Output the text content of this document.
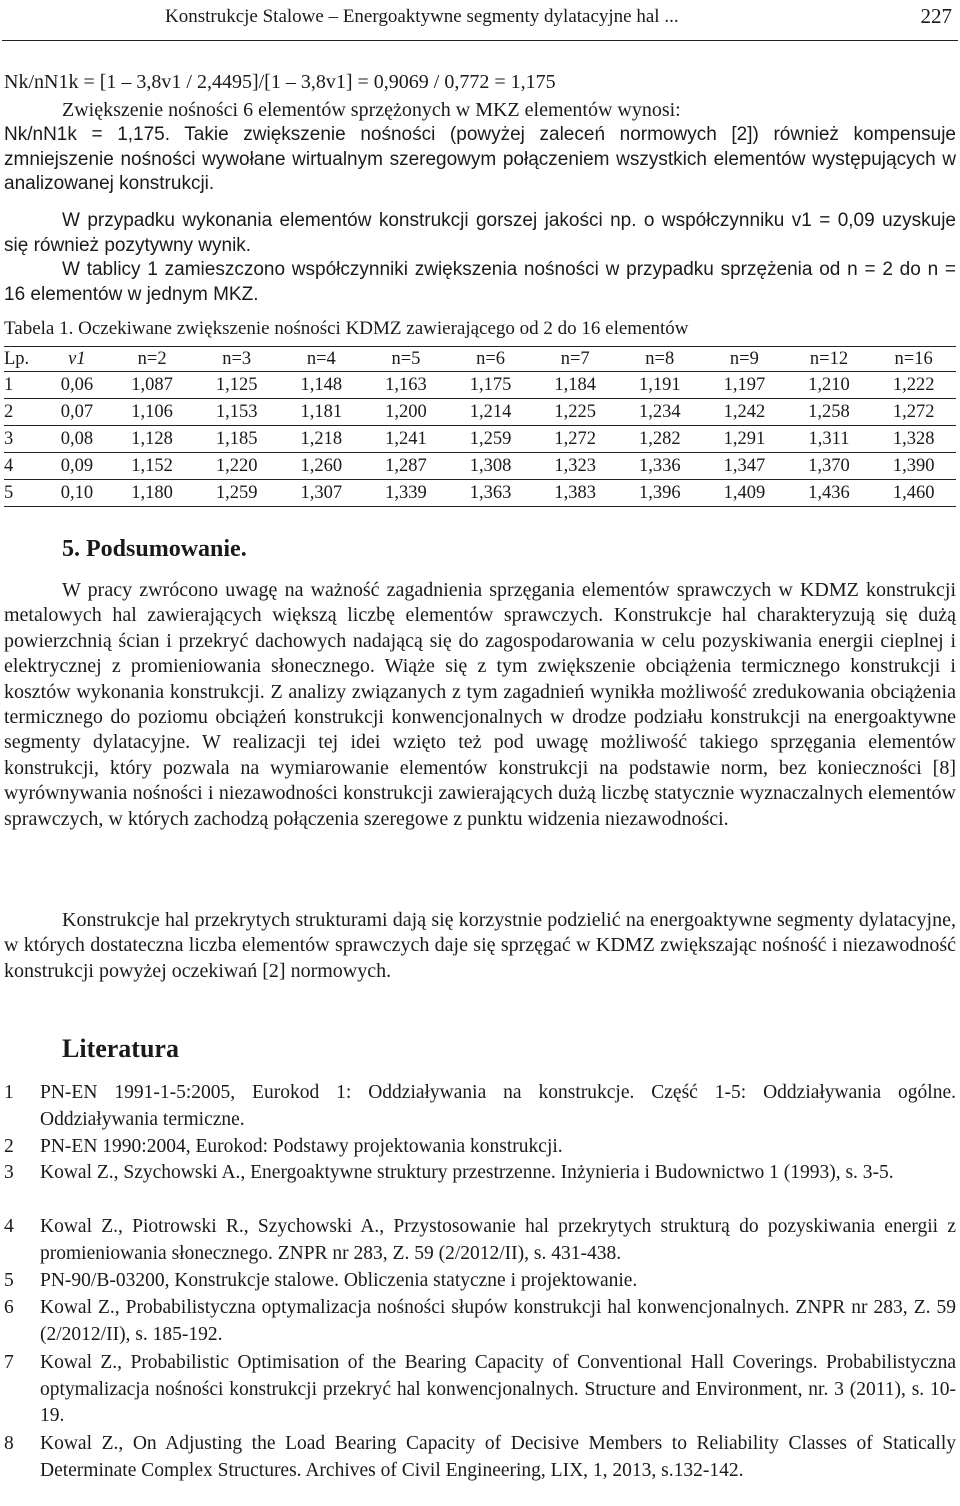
Konstrukcje Stalowe – Energoaktywne segmenty dylatacyjne hal ...	227
Nk/nN1k = [1 – 3,8v1 / 2,4495]/[1 – 3,8v1] = 0,9069 / 0,772 = 1,175
Zwiększenie nośności 6 elementów sprzężonych w MKZ elementów wynosi:
Nk/nN1k = 1,175. Takie zwiększenie nośności (powyżej zaleceń normowych [2]) również kompensuje zmniejszenie nośności wywołane wirtualnym szeregowym połączeniem wszystkich elementów występujących w analizowanej konstrukcji.
W przypadku wykonania elementów konstrukcji gorszej jakości np. o współczynniku v1 = 0,09 uzyskuje się również pozytywny wynik.
W tablicy 1 zamieszczono współczynniki zwiększenia nośności w przypadku sprzężenia od n = 2 do n = 16 elementów w jednym MKZ.
Tabela 1. Oczekiwane zwiększenie nośności KDMZ zawierającego od 2 do 16 elementów
Lp.	v1	n=2	n=3	n=4	n=5	n=6	n=7	n=8	n=9	n=12	n=16
1	0,06	1,087	1,125	1,148	1,163	1,175	1,184	1,191	1,197	1,210	1,222
2	0,07	1,106	1,153	1,181	1,200	1,214	1,225	1,234	1,242	1,258	1,272
3	0,08	1,128	1,185	1,218	1,241	1,259	1,272	1,282	1,291	1,311	1,328
4	0,09	1,152	1,220	1,260	1,287	1,308	1,323	1,336	1,347	1,370	1,390
5	0,10	1,180	1,259	1,307	1,339	1,363	1,383	1,396	1,409	1,436	1,460
5. Podsumowanie.
W pracy zwrócono uwagę na ważność zagadnienia sprzęgania elementów sprawczych w KDMZ konstrukcji metalowych hal zawierających większą liczbę elementów sprawczych. Konstrukcje hal charakteryzują się dużą powierzchnią ścian i przekryć dachowych nadającą się do zagospodarowania w celu pozyskiwania energii cieplnej i elektrycznej z promieniowania słonecznego. Wiąże się z tym zwiększenie obciążenia termicznego konstrukcji i kosztów wykonania konstrukcji. Z analizy związanych z tym zagadnień wynikła możliwość zredukowania obciążenia termicznego do poziomu obciążeń konstrukcji konwencjonalnych w drodze podziału konstrukcji na energoaktywne segmenty dylatacyjne. W realizacji tej idei wzięto też pod uwagę możliwość takiego sprzęgania elementów konstrukcji, który pozwala na wymiarowanie elementów konstrukcji na podstawie norm, bez konieczności [8] wyrównywania nośności i niezawodności konstrukcji zawierających dużą liczbę statycznie wyznaczalnych elementów sprawczych, w których zachodzą połączenia szeregowe z punktu widzenia niezawodności.
Konstrukcje hal przekrytych strukturami dają się korzystnie podzielić na energoaktywne segmenty dylatacyjne, w których dostateczna liczba elementów sprawczych daje się sprzęgać w KDMZ zwiększając nośność i niezawodność konstrukcji powyżej oczekiwań [2] normowych.
Literatura
1 PN-EN 1991-1-5:2005, Eurokod 1: Oddziaływania na konstrukcje. Część 1-5: Oddziaływania ogólne. Oddziaływania termiczne.
2 PN-EN 1990:2004, Eurokod: Podstawy projektowania konstrukcji.
3 Kowal Z., Szychowski A., Energoaktywne struktury przestrzenne. Inżynieria i Budownictwo 1 (1993), s. 3-5.
4 Kowal Z., Piotrowski R., Szychowski A., Przystosowanie hal przekrytych strukturą do pozyskiwania energii z promieniowania słonecznego. ZNPR nr 283, Z. 59 (2/2012/II), s. 431-438.
5 PN-90/B-03200, Konstrukcje stalowe. Obliczenia statyczne i projektowanie.
6 Kowal Z., Probabilistyczna optymalizacja nośności słupów konstrukcji hal konwencjonalnych. ZNPR nr 283, Z. 59 (2/2012/II), s. 185-192.
7 Kowal Z., Probabilistic Optimisation of the Bearing Capacity of Conventional Hall Coverings. Probabilistyczna optymalizacja nośności konstrukcji przekryć hal konwencjonalnych. Structure and Environment, nr. 3 (2011), s. 10-19.
8 Kowal Z., On Adjusting the Load Bearing Capacity of Decisive Members to Reliability Classes of Statically Determinate Complex Structures. Archives of Civil Engineering, LIX, 1, 2013, s.132-142.
